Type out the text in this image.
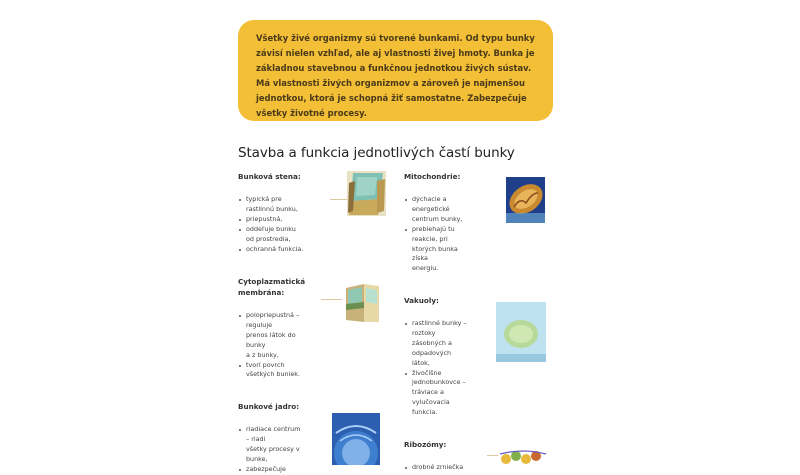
Všetky živé organizmy sú tvorené bunkami. Od typu bunky závisí nielen vzhľad, ale aj vlastnosti živej hmoty. Bunka je základnou stavebnou a funkčnou jednotkou živých sústav. Má vlastnosti živých organizmov a zároveň je najmenšou jednotkou, ktorá je schopná žiť samostatne. Zabezpečuje všetky životné procesy.
Stavba a funkcia jednotlivých častí bunky

Bunková stena:

typická pre
rastlinnú bunku,
priepustná,
oddeľuje bunku
od prostredia,
ochranná funkcia.

Cytoplazmatická
membrána:

polopriepustná –
reguluje
prenos látok do
bunky
a z bunky,
tvorí povrch
všetkých buniek.

Bunkové jadro:

riadiace centrum
– riadi
všetky procesy v
bunke,
zabezpečuje

Mitochondrie:

dýchacie a
energetické
centrum bunky,
prebiehajú tu
reakcie, pri
ktorých bunka
získa
energiu.

Vakuoly:

rastlinné bunky –
roztoky
zásobných a
odpadových
látok,
živočíšne
jednobunkovce –
tráviace a
vylučovacia
funkcia.

Ribozómy:

drobné zrniečka
